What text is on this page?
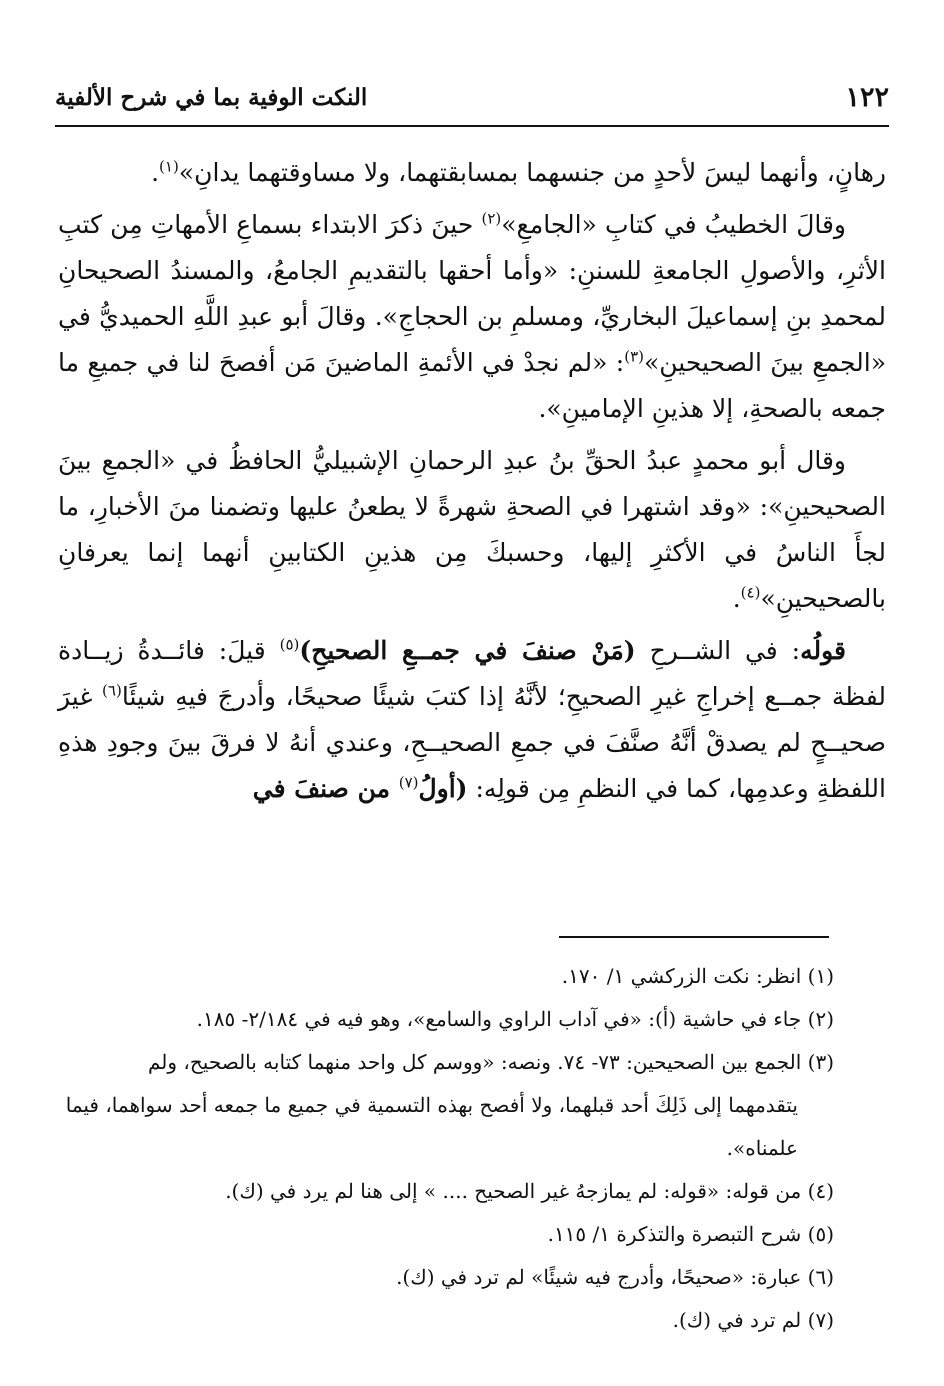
١٢٢
النكت الوفية بما في شرح الألفية

رهانٍ، وأنهما ليسَ لأحدٍ من جنسهما بمسابقتهما، ولا مساوقتهما يدانِ»$^{(١)}$.

وقالَ الخطيبُ في كتابِ «الجامعِ»$^{(٢)}$ حينَ ذكرَ الابتداء بسماعِ الأمهاتِ مِن كتبِ الأثرِ، والأصولِ الجامعةِ للسننِ: «وأما أحقها بالتقديمِ الجامعُ، والمسندُ الصحيحانِ لمحمدِ بنِ إسماعيلَ البخاريِّ، ومسلمِ بن الحجاجِ». وقالَ أبو عبدِ اللَّهِ الحميديُّ في «الجمعِ بينَ الصحيحينِ»$^{(٣)}$: «لم نجدْ في الأئمةِ الماضينَ مَن أفصحَ لنا في جميعِ ما جمعه بالصحةِ، إلا هذينِ الإمامينِ».

وقال أبو محمدٍ عبدُ الحقِّ بنُ عبدِ الرحمانِ الإشبيليُّ الحافظُ في «الجمعِ بينَ الصحيحينِ»: «وقد اشتهرا في الصحةِ شهرةً لا يطعنُ عليها وتضمنا منَ الأخبارِ، ما لجأَ الناسُ في الأكثرِ إليها، وحسبكَ مِن هذينِ الكتابينِ أنهما إنما يعرفانِ بالصحيحينِ»$^{(٤)}$.

قولُه: في الشــرحِ (مَنْ صنفَ في جمــعِ الصحيحِ)$^{(٥)}$ قيلَ: فائــدةُ زيــادة لفظة جمــع إخراجِ غيرِ الصحيحِ؛ لأنَّهُ إذا كتبَ شيئًا صحيحًا، وأدرجَ فيهِ شيئًا$^{(٦)}$ غيرَ صحيــحٍ لم يصدقْ أنَّهُ صنَّفَ في جمعِ الصحيــحِ، وعندي أنهُ لا فرقَ بينَ وجودِ هذهِ اللفظةِ وعدمِها، كما في النظمِ مِن قولِه: (أولُ$^{(٧)}$ من صنفَ في

(١) انظر: نكت الزركشي ١/ ١٧٠.

(٢) جاء في حاشية (أ): «في آداب الراوي والسامع»، وهو فيه في ٢/١٨٤- ١٨٥.

(٣) الجمع بين الصحيحين: ٧٣- ٧٤. ونصه: «ووسم كل واحد منهما كتابه بالصحيح، ولم

يتقدمهما إلى ذَلِكَ أحد قبلهما، ولا أفصح بهذه التسمية في جميع ما جمعه أحد سواهما، فيما

علمناه».

(٤) من قوله: «قوله: لم يمازجهُ غير الصحيح .... » إلى هنا لم يرد في (ك).

(٥) شرح التبصرة والتذكرة ١/ ١١٥.

(٦) عبارة: «صحيحًا، وأدرج فيه شيئًا» لم ترد في (ك).

(٧) لم ترد في (ك).
